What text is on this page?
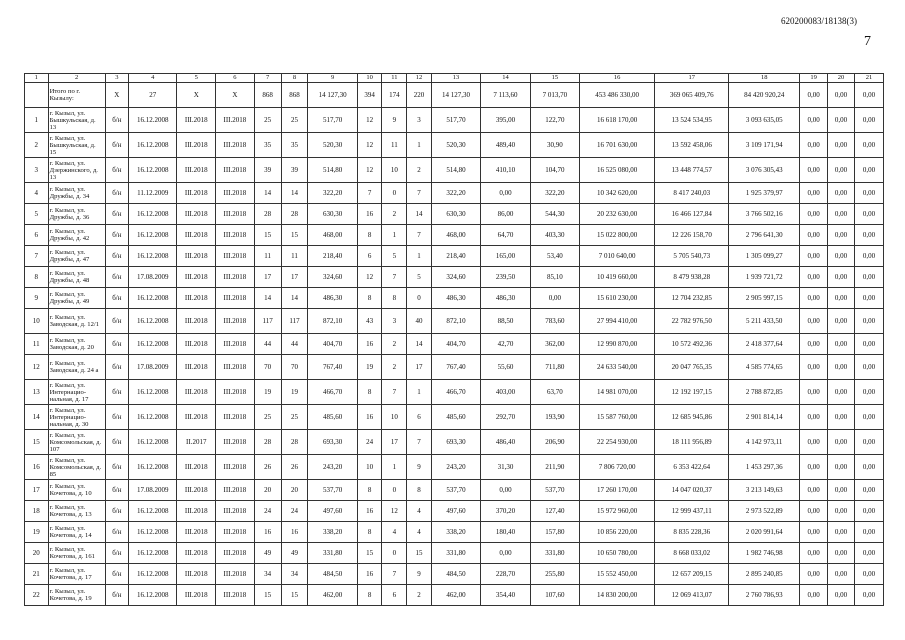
620200083/18138(3)
7
1	2	3	4	5	6	7	8	9	10	11	12	13	14	15	16	17	18	19	20	21
	Итого по г. Кызылу:	X	27	X	X	868	868	14 127,30	394	174	220	14 127,30	7 113,60	7 013,70	453 486 330,00	369 065 409,76	84 420 920,24	0,00	0,00	0,00
1	г. Кызыл, ул. Бышкульская, д. 13	б/н	16.12.2008	III.2018	III.2018	25	25	517,70	12	9	3	517,70	395,00	122,70	16 618 170,00	13 524 534,95	3 093 635,05	0,00	0,00	0,00
2	г. Кызыл, ул. Бышкульская, д. 15	б/н	16.12.2008	III.2018	III.2018	35	35	520,30	12	11	1	520,30	489,40	30,90	16 701 630,00	13 592 458,06	3 109 171,94	0,00	0,00	0,00
3	г. Кызыл, ул. Дзержинского, д. 13	б/н	16.12.2008	III.2018	III.2018	39	39	514,80	12	10	2	514,80	410,10	104,70	16 525 080,00	13 448 774,57	3 076 305,43	0,00	0,00	0,00
4	г. Кызыл, ул. Дружбы, д. 34	б/н	11.12.2009	III.2018	III.2018	14	14	322,20	7	0	7	322,20	0,00	322,20	10 342 620,00	8 417 240,03	1 925 379,97	0,00	0,00	0,00
5	г. Кызыл, ул. Дружбы, д. 36	б/н	16.12.2008	III.2018	III.2018	28	28	630,30	16	2	14	630,30	86,00	544,30	20 232 630,00	16 466 127,84	3 766 502,16	0,00	0,00	0,00
6	г. Кызыл, ул. Дружбы, д. 42	б/н	16.12.2008	III.2018	III.2018	15	15	468,00	8	1	7	468,00	64,70	403,30	15 022 800,00	12 226 158,70	2 796 641,30	0,00	0,00	0,00
7	г. Кызыл, ул. Дружбы, д. 47	б/н	16.12.2008	III.2018	III.2018	11	11	218,40	6	5	1	218,40	165,00	53,40	7 010 640,00	5 705 540,73	1 305 099,27	0,00	0,00	0,00
8	г. Кызыл, ул. Дружбы, д. 48	б/н	17.08.2009	III.2018	III.2018	17	17	324,60	12	7	5	324,60	239,50	85,10	10 419 660,00	8 479 938,28	1 939 721,72	0,00	0,00	0,00
9	г. Кызыл, ул. Дружбы, д. 49	б/н	16.12.2008	III.2018	III.2018	14	14	486,30	8	8	0	486,30	486,30	0,00	15 610 230,00	12 704 232,85	2 905 997,15	0,00	0,00	0,00
10	г. Кызыл, ул. Заводская, д. 12/1	б/н	16.12.2008	III.2018	III.2018	117	117	872,10	43	3	40	872,10	88,50	783,60	27 994 410,00	22 782 976,50	5 211 433,50	0,00	0,00	0,00
11	г. Кызыл, ул. Заводская, д. 20	б/н	16.12.2008	III.2018	III.2018	44	44	404,70	16	2	14	404,70	42,70	362,00	12 990 870,00	10 572 492,36	2 418 377,64	0,00	0,00	0,00
12	г. Кызыл, ул. Заводская, д. 24 а	б/н	17.08.2009	III.2018	III.2018	70	70	767,40	19	2	17	767,40	55,60	711,80	24 633 540,00	20 047 765,35	4 585 774,65	0,00	0,00	0,00
13	г. Кызыл, ул. Интернацио-нальная, д. 17	б/н	16.12.2008	III.2018	III.2018	19	19	466,70	8	7	1	466,70	403,00	63,70	14 981 070,00	12 192 197,15	2 788 872,85	0,00	0,00	0,00
14	г. Кызыл, ул. Интернацио-нальная, д. 30	б/н	16.12.2008	III.2018	III.2018	25	25	485,60	16	10	6	485,60	292,70	193,90	15 587 760,00	12 685 945,86	2 901 814,14	0,00	0,00	0,00
15	г. Кызыл, ул. Комсомольская, д. 107	б/н	16.12.2008	II.2017	III.2018	28	28	693,30	24	17	7	693,30	486,40	206,90	22 254 930,00	18 111 956,89	4 142 973,11	0,00	0,00	0,00
16	г. Кызыл, ул. Комсомольская, д. 85	б/н	16.12.2008	III.2018	III.2018	26	26	243,20	10	1	9	243,20	31,30	211,90	7 806 720,00	6 353 422,64	1 453 297,36	0,00	0,00	0,00
17	г. Кызыл, ул. Кочетова, д. 10	б/н	17.08.2009	III.2018	III.2018	20	20	537,70	8	0	8	537,70	0,00	537,70	17 260 170,00	14 047 020,37	3 213 149,63	0,00	0,00	0,00
18	г. Кызыл, ул. Кочетова, д. 13	б/н	16.12.2008	III.2018	III.2018	24	24	497,60	16	12	4	497,60	370,20	127,40	15 972 960,00	12 999 437,11	2 973 522,89	0,00	0,00	0,00
19	г. Кызыл, ул. Кочетова, д. 14	б/н	16.12.2008	III.2018	III.2018	16	16	338,20	8	4	4	338,20	180,40	157,80	10 856 220,00	8 835 228,36	2 020 991,64	0,00	0,00	0,00
20	г. Кызыл, ул. Кочетова, д. 161	б/н	16.12.2008	III.2018	III.2018	49	49	331,80	15	0	15	331,80	0,00	331,80	10 650 780,00	8 668 033,02	1 982 746,98	0,00	0,00	0,00
21	г. Кызыл, ул. Кочетова, д. 17	б/н	16.12.2008	III.2018	III.2018	34	34	484,50	16	7	9	484,50	228,70	255,80	15 552 450,00	12 657 209,15	2 895 240,85	0,00	0,00	0,00
22	г. Кызыл, ул. Кочетова, д. 19	б/н	16.12.2008	III.2018	III.2018	15	15	462,00	8	6	2	462,00	354,40	107,60	14 830 200,00	12 069 413,07	2 760 786,93	0,00	0,00	0,00
